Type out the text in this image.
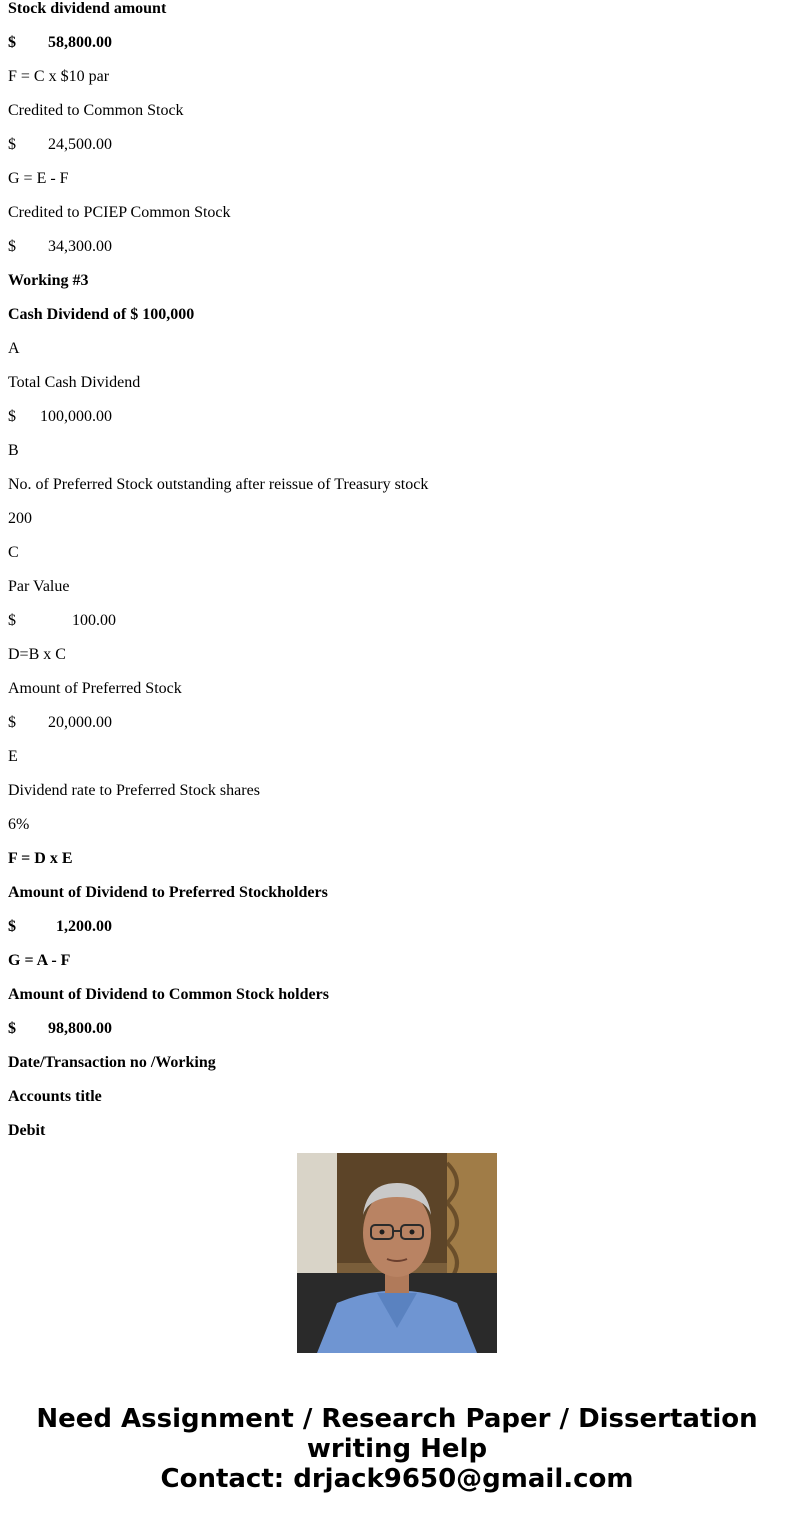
Stock dividend amount
$ 58,800.00
F = C x $10 par
Credited to Common Stock
$ 24,500.00
G = E - F
Credited to PCIEP Common Stock
$ 34,300.00
Working #3
Cash Dividend of $ 100,000
A
Total Cash Dividend
$ 100,000.00
B
No. of Preferred Stock outstanding after reissue of Treasury stock
200
C
Par Value
$	100.00
D=B x C
Amount of Preferred Stock
$ 20,000.00
E
Dividend rate to Preferred Stock shares
6%
F = D x E
Amount of Dividend to Preferred Stockholders
$	1,200.00
G = A - F
Amount of Dividend to Common Stock holders
$ 98,800.00
Date/Transaction no /Working
Accounts title
Debit
Need Assignment / Research Paper / Dissertation
writing Help
Contact: drjack9650@gmail.com
